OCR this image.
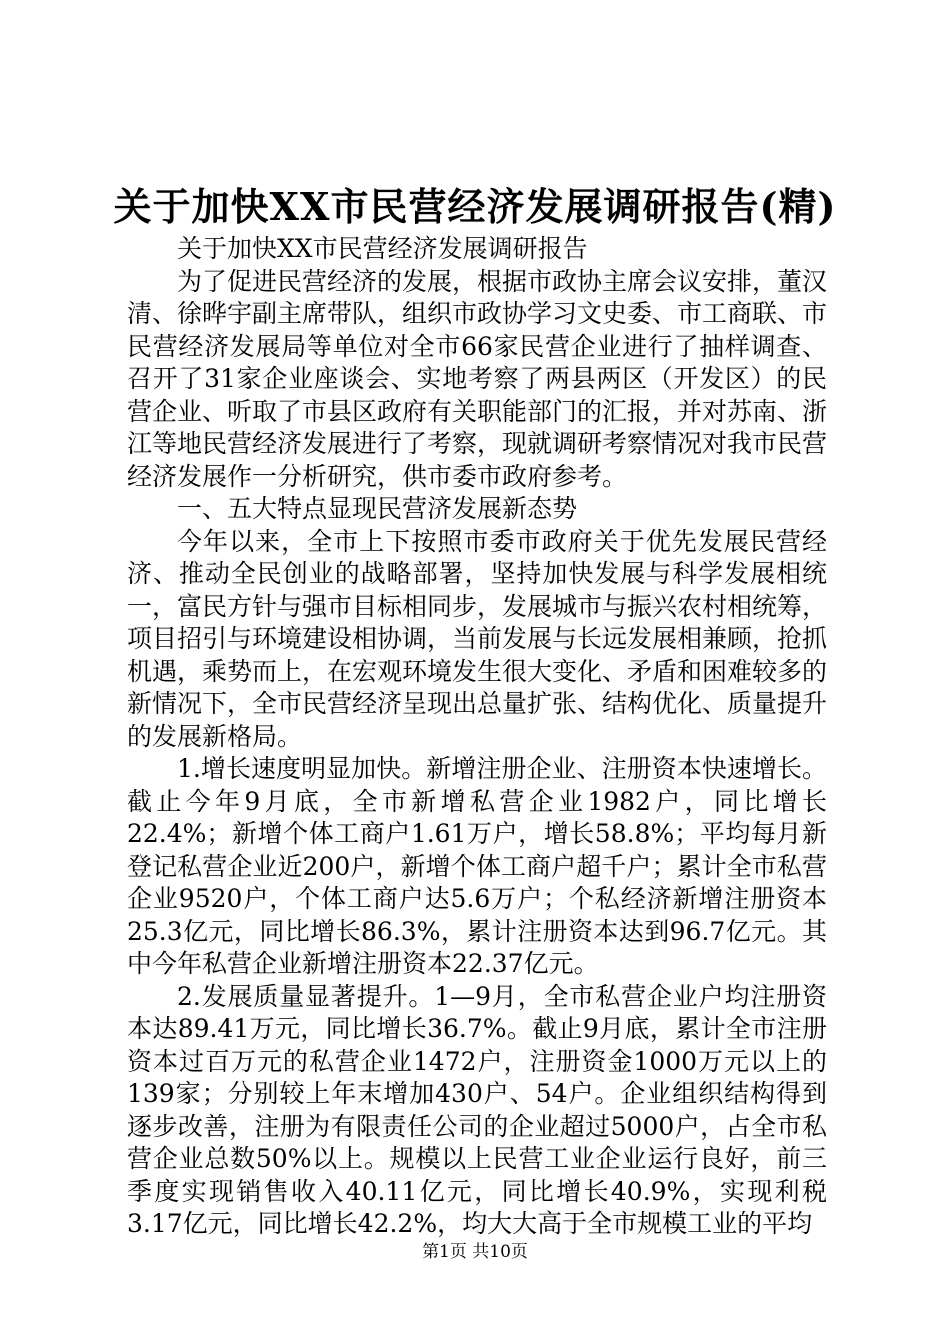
关于加快XX市民营经济发展调研报告(精)

关于加快XX市民营经济发展调研报告

为了促进民营经济的发展，根据市政协主席会议安排，董汉清、徐晔宇副主席带队，组织市政协学习文史委、市工商联、市民营经济发展局等单位对全市66家民营企业进行了抽样调查、召开了31家企业座谈会、实地考察了两县两区（开发区）的民营企业、听取了市县区政府有关职能部门的汇报，并对苏南、浙江等地民营经济发展进行了考察，现就调研考察情况对我市民营经济发展作一分析研究，供市委市政府参考。

一、五大特点显现民营济发展新态势

今年以来，全市上下按照市委市政府关于优先发展民营经济、推动全民创业的战略部署，坚持加快发展与科学发展相统一，富民方针与强市目标相同步，发展城市与振兴农村相统筹，项目招引与环境建设相协调，当前发展与长远发展相兼顾，抢抓机遇，乘势而上，在宏观环境发生很大变化、矛盾和困难较多的新情况下，全市民营经济呈现出总量扩张、结构优化、质量提升的发展新格局。

1.增长速度明显加快。新增注册企业、注册资本快速增长。截止今年9月底，全市新增私营企业1982户，同比增长22.4%；新增个体工商户1.61万户，增长58.8%；平均每月新登记私营企业近200户，新增个体工商户超千户；累计全市私营企业9520户，个体工商户达5.6万户；个私经济新增注册资本25.3亿元，同比增长86.3%，累计注册资本达到96.7亿元。其中今年私营企业新增注册资本22.37亿元。

2.发展质量显著提升。1—9月，全市私营企业户均注册资本达89.41万元，同比增长36.7%。截止9月底，累计全市注册资本过百万元的私营企业1472户，注册资金1000万元以上的139家；分别较上年末增加430户、54户。企业组织结构得到逐步改善，注册为有限责任公司的企业超过5000户，占全市私营企业总数50%以上。规模以上民营工业企业运行良好，前三季度实现销售收入40.11亿元，同比增长40.9%，实现利税3.17亿元，同比增长42.2%，均大大高于全市规模工业的平均

第1页 共10页
